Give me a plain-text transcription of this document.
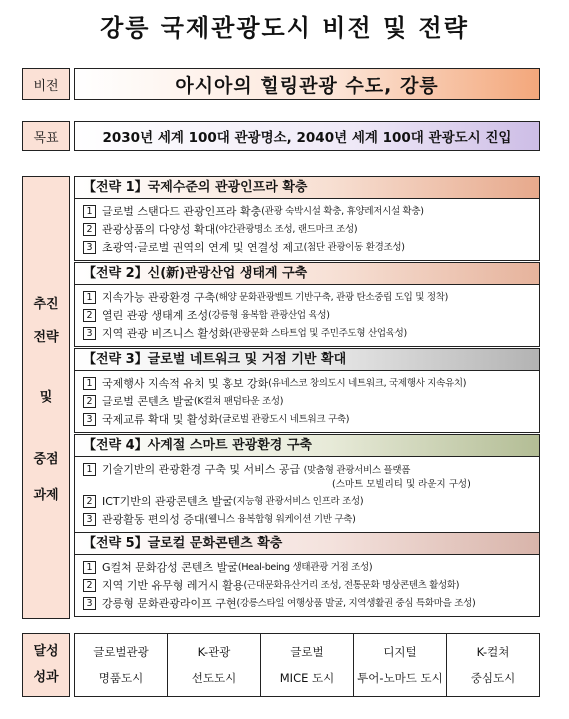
강릉 국제관광도시 비전 및 전략
비전	아시아의 힐링관광 수도, 강릉
목표	2030년 세계 100대 관광명소, 2040년 세계 100대 관광도시 진입
추진
전략
및
중점
과제
【전략 1】국제수준의 관광인프라 확충
1 글로벌 스탠다드 관광인프라 확충 (관광 숙박시설 확충, 휴양레저시설 확충)
2 관광상품의 다양성 확대 (야간관광명소 조성, 랜드마크 조성)
3 초광역·글로벌 권역의 연계 및 연결성 제고 (첨단 관광이동 환경조성)
【전략 2】신(新)관광산업 생태계 구축
1 지속가능 관광환경 구축 (해양 문화관광벨트 기반구축, 관광 탄소중립 도입 및 정착)
2 열린 관광 생태계 조성 (강릉형 융복합 관광산업 육성)
3 지역 관광 비즈니스 활성화 (관광문화 스타트업 및 주민주도형 산업육성)
【전략 3】글로벌 네트워크 및 거점 기반 확대
1 국제행사 지속적 유치 및 홍보 강화 (유네스코 창의도시 네트워크, 국제행사 지속유치)
2 글로벌 콘텐츠 발굴 (K컬쳐 팬덤타운 조성)
3 국제교류 확대 및 활성화 (글로벌 관광도시 네트워크 구축)
【전략 4】사계절 스마트 관광환경 구축
1 기술기반의 관광환경 구축 및 서비스 공급 (맞춤형 관광서비스 플랫폼
(스마트 모빌리티 및 라운지 구성)
2 ICT기반의 관광콘텐츠 발굴 (지능형 관광서비스 인프라 조성)
3 관광활동 편의성 증대 (웰니스 융복합형 워케이션 기반 구축)
【전략 5】글로컬 문화콘텐츠 확충
1 G컬쳐 문화감성 콘텐츠 발굴 (Heal-being 생태관광 거점 조성)
2 지역 기반 유무형 레거시 활용 (근대문화유산거리 조성, 전통문화 명상콘텐츠 활성화)
3 강릉형 문화관광라이프 구현 (강릉스타일 여행상품 발굴, 지역생활권 중심 특화마을 조성)
달성
성과
글로벌관광
명품도시
K-관광
선도도시
글로벌
MICE 도시
디지털
투어-노마드 도시
K-컬쳐
중심도시
